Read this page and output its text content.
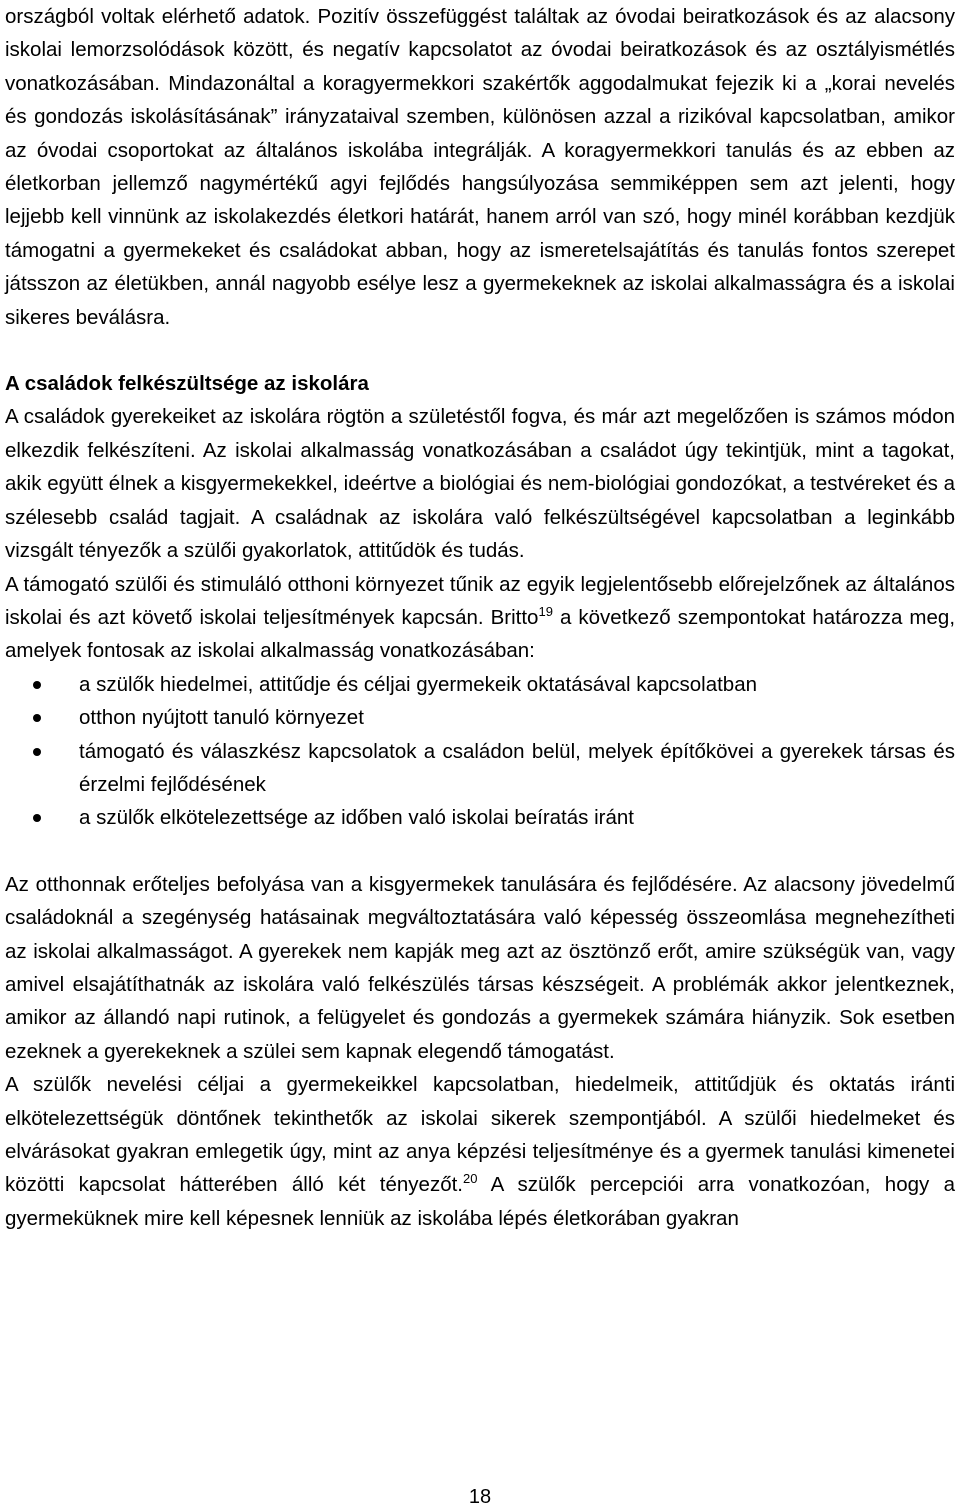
országból voltak elérhető adatok. Pozitív összefüggést találtak az óvodai beiratkozások és az alacsony iskolai lemorzsolódások között, és negatív kapcsolatot az óvodai beiratkozások és az osztályismétlés vonatkozásában. Mindazonáltal a koragyermekkori szakértők aggodalmukat fejezik ki a „korai nevelés és gondozás iskolásításának” irányzataival szemben, különösen azzal a rizikóval kapcsolatban, amikor az óvodai csoportokat az általános iskolába integrálják. A koragyermekkori tanulás és az ebben az életkorban jellemző nagymértékű agyi fejlődés hangsúlyozása semmiképpen sem azt jelenti, hogy lejjebb kell vinnünk az iskolakezdés életkori határát, hanem arról van szó, hogy minél korábban kezdjük támogatni a gyermekeket és családokat abban, hogy az ismeretelsajátítás és tanulás fontos szerepet játsszon az életükben, annál nagyobb esélye lesz a gyermekeknek az iskolai alkalmasságra és a iskolai sikeres beválásra.

A családok felkészültsége az iskolára

A családok gyerekeiket az iskolára rögtön a születéstől fogva, és már azt megelőzően is számos módon elkezdik felkészíteni. Az iskolai alkalmasság vonatkozásában a családot úgy tekintjük, mint a tagokat, akik együtt élnek a kisgyermekekkel, ideértve a biológiai és nem-biológiai gondozókat, a testvéreket és a szélesebb család tagjait. A családnak az iskolára való felkészültségével kapcsolatban a leginkább vizsgált tényezők a szülői gyakorlatok, attitűdök és tudás.

A támogató szülői és stimuláló otthoni környezet tűnik az egyik legjelentősebb előrejelzőnek az általános iskolai és azt követő iskolai teljesítmények kapcsán. Britto$^{19}$ a következő szempontokat határozza meg, amelyek fontosak az iskolai alkalmasság vonatkozásában:

a szülők hiedelmei, attitűdje és céljai gyermekeik oktatásával kapcsolatban
otthon nyújtott tanuló környezet
támogató és válaszkész kapcsolatok a családon belül, melyek építőkövei a gyerekek társas és érzelmi fejlődésének
a szülők elkötelezettsége az időben való iskolai beíratás iránt

Az otthonnak erőteljes befolyása van a kisgyermekek tanulására és fejlődésére. Az alacsony jövedelmű családoknál a szegénység hatásainak megváltoztatására való képesség összeomlása megnehezítheti az iskolai alkalmasságot. A gyerekek nem kapják meg azt az ösztönző erőt, amire szükségük van, vagy amivel elsajátíthatnák az iskolára való felkészülés társas készségeit. A problémák akkor jelentkeznek, amikor az állandó napi rutinok, a felügyelet és gondozás a gyermekek számára hiányzik. Sok esetben ezeknek a gyerekeknek a szülei sem kapnak elegendő támogatást.

A szülők nevelési céljai a gyermekeikkel kapcsolatban, hiedelmeik, attitűdjük és oktatás iránti elkötelezettségük döntőnek tekinthetők az iskolai sikerek szempontjából. A szülői hiedelmeket és elvárásokat gyakran emlegetik úgy, mint az anya képzési teljesítménye és a gyermek tanulási kimenetei közötti kapcsolat hátterében álló két tényezőt.$^{20}$ A szülők percepciói arra vonatkozóan, hogy a gyermeküknek mire kell képesnek lenniük az iskolába lépés életkorában gyakran

18
